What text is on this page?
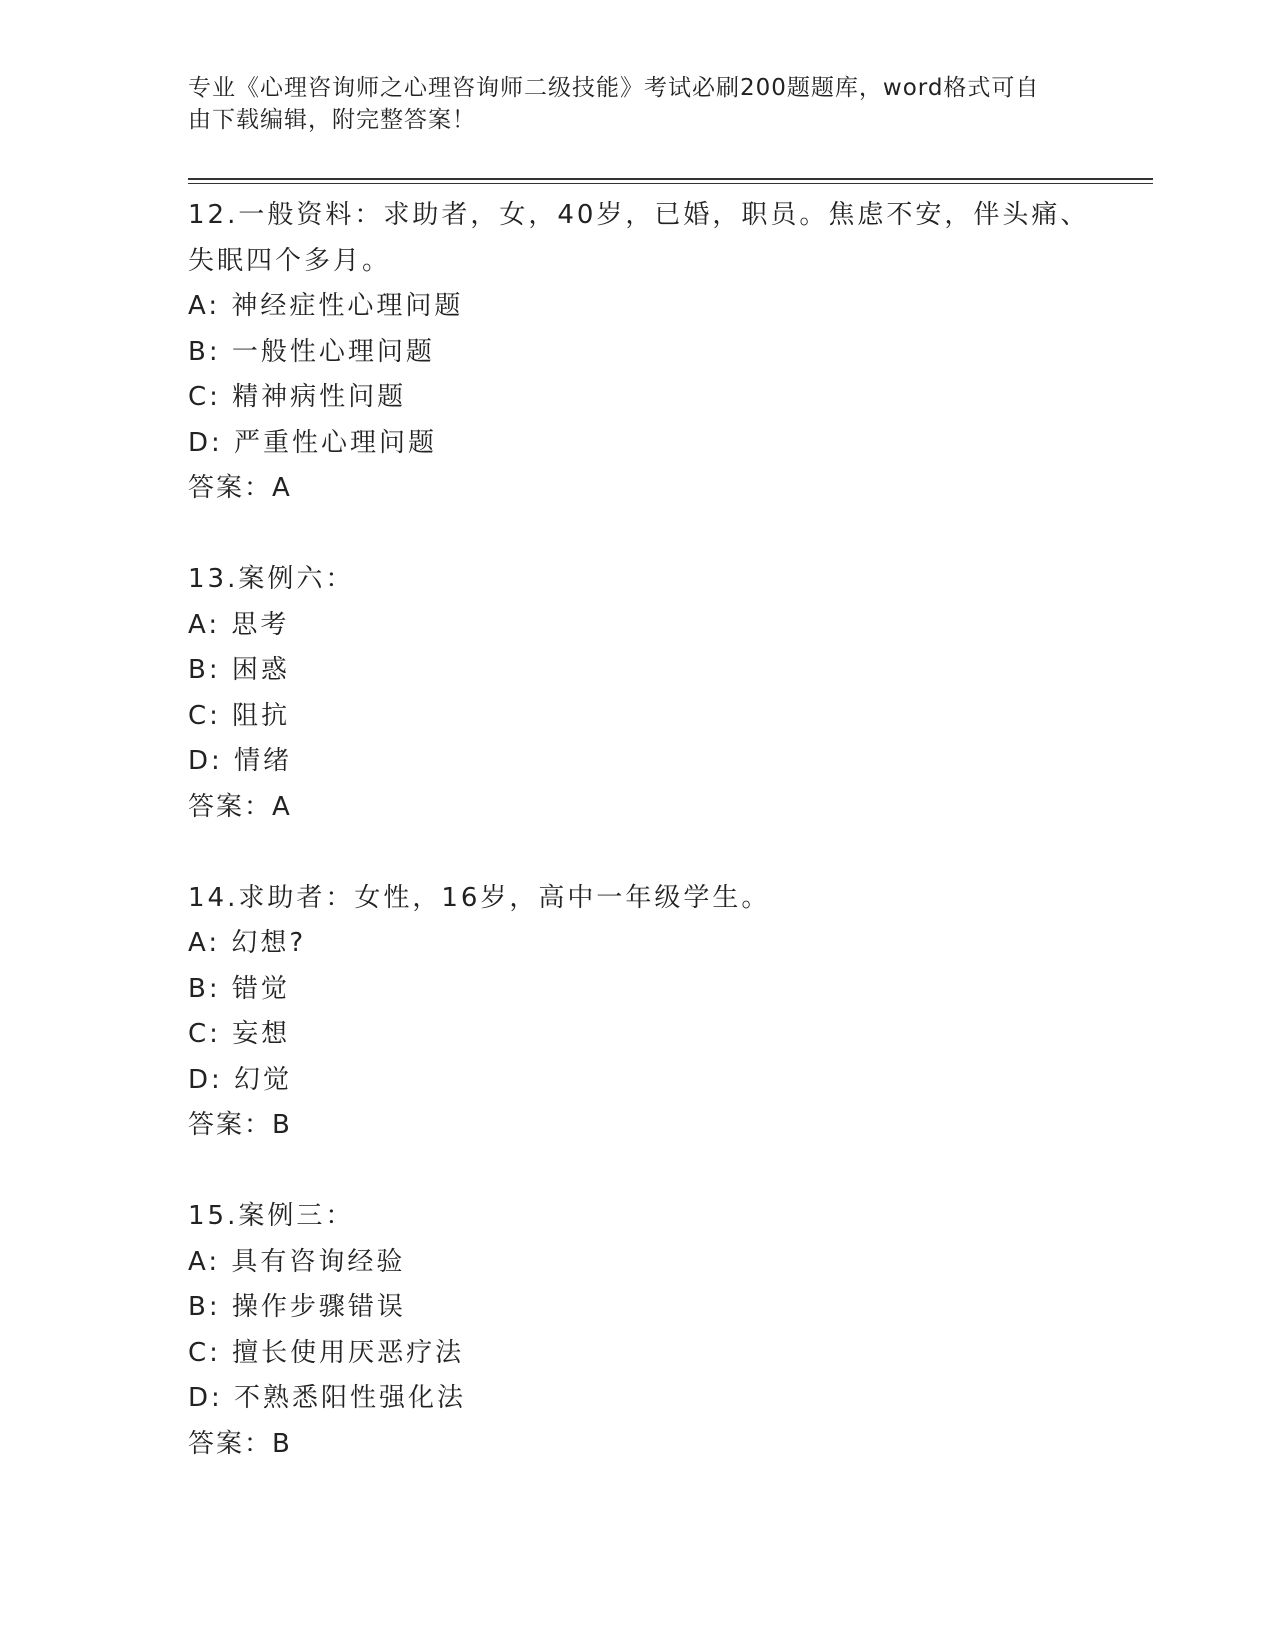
专业《心理咨询师之心理咨询师二级技能》考试必刷200题题库，word格式可自
由下载编辑，附完整答案！
12.一般资料：求助者，女，40岁，已婚，职员。焦虑不安，伴头痛、
失眠四个多月。
A: 神经症性心理问题
B: 一般性心理问题
C: 精神病性问题
D: 严重性心理问题
答案：A
13.案例六：
A: 思考
B: 困惑
C: 阻抗
D: 情绪
答案：A
14.求助者：女性，16岁，高中一年级学生。
A: 幻想?
B: 错觉
C: 妄想
D: 幻觉
答案：B
15.案例三：
A: 具有咨询经验
B: 操作步骤错误
C: 擅长使用厌恶疗法
D: 不熟悉阳性强化法
答案：B
